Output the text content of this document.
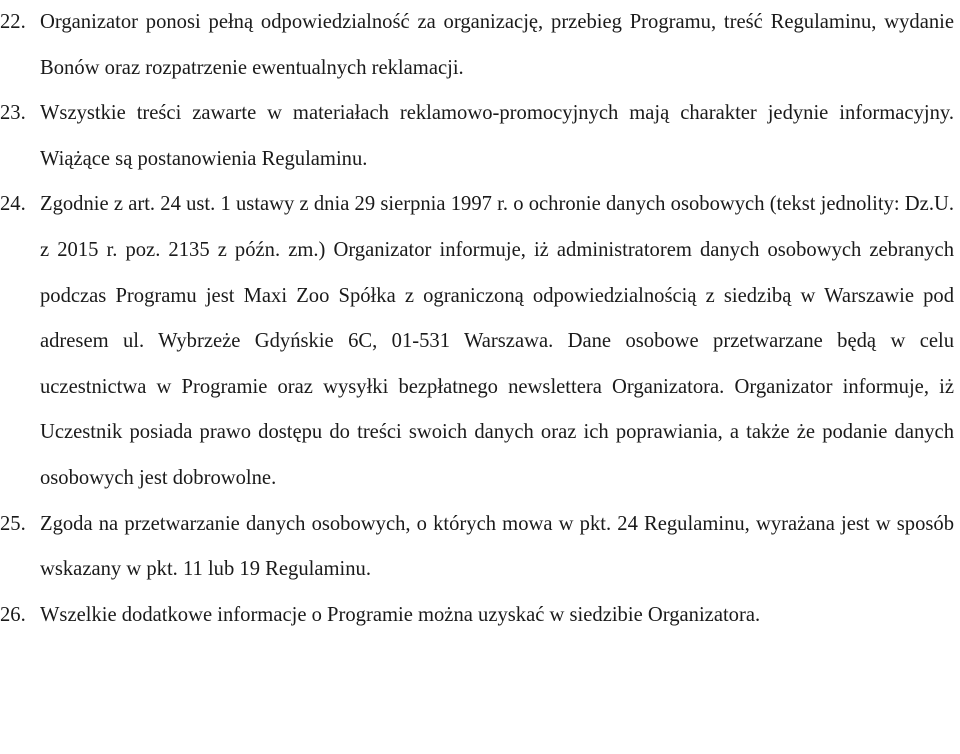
22. Organizator ponosi pełną odpowiedzialność za organizację, przebieg Programu, treść Regulaminu, wydanie Bonów oraz rozpatrzenie ewentualnych reklamacji.
23. Wszystkie treści zawarte w materiałach reklamowo-promocyjnych mają charakter jedynie informacyjny. Wiążące są postanowienia Regulaminu.
24. Zgodnie z art. 24 ust. 1 ustawy z dnia 29 sierpnia 1997 r. o ochronie danych osobowych (tekst jednolity: Dz.U. z 2015 r. poz. 2135 z późn. zm.) Organizator informuje, iż administratorem danych osobowych zebranych podczas Programu jest Maxi Zoo Spółka z ograniczoną odpowiedzialnością z siedzibą w Warszawie pod adresem ul. Wybrzeże Gdyńskie 6C, 01-531 Warszawa. Dane osobowe przetwarzane będą w celu uczestnictwa w Programie oraz wysyłki bezpłatnego newslettera Organizatora. Organizator informuje, iż Uczestnik posiada prawo dostępu do treści swoich danych oraz ich poprawiania, a także że podanie danych osobowych jest dobrowolne.
25. Zgoda na przetwarzanie danych osobowych, o których mowa w pkt. 24 Regulaminu, wyrażana jest w sposób wskazany w pkt. 11 lub 19 Regulaminu.
26. Wszelkie dodatkowe informacje o Programie można uzyskać w siedzibie Organizatora.
